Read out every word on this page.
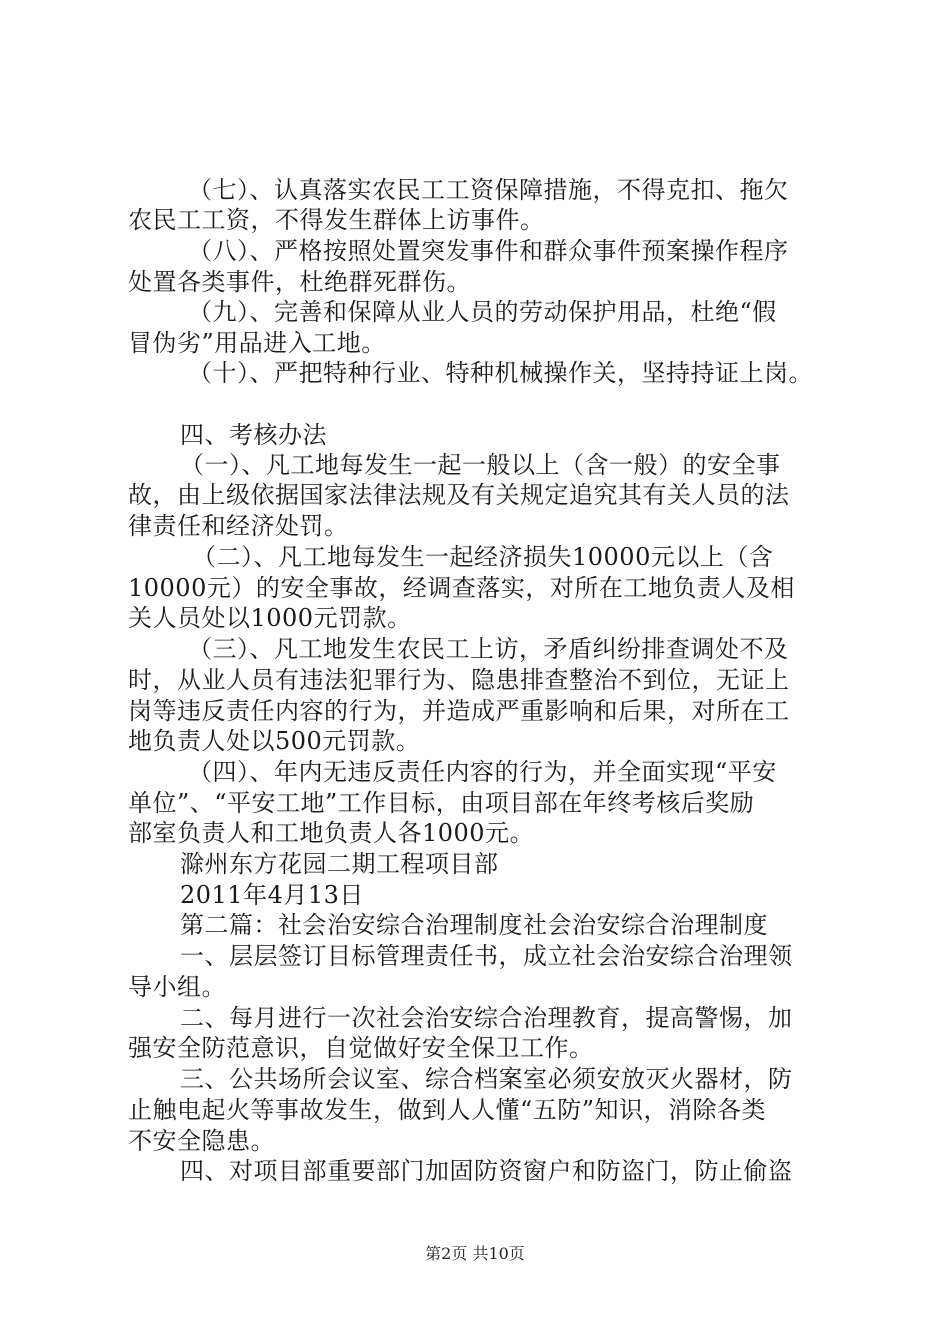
（七）、认真落实农民工工资保障措施，不得克扣、拖欠
农民工工资，不得发生群体上访事件。
（八）、严格按照处置突发事件和群众事件预案操作程序
处置各类事件，杜绝群死群伤。
（九）、完善和保障从业人员的劳动保护用品，杜绝“假
冒伪劣”用品进入工地。
（十）、严把特种行业、特种机械操作关，坚持持证上岗。
四、考核办法
（一）、凡工地每发生一起一般以上（含一般）的安全事
故，由上级依据国家法律法规及有关规定追究其有关人员的法
律责任和经济处罚。
（二）、凡工地每发生一起经济损失10000元以上（含
10000元）的安全事故，经调查落实，对所在工地负责人及相
关人员处以1000元罚款。
（三）、凡工地发生农民工上访，矛盾纠纷排查调处不及
时，从业人员有违法犯罪行为、隐患排查整治不到位，无证上
岗等违反责任内容的行为，并造成严重影响和后果，对所在工
地负责人处以500元罚款。
（四）、年内无违反责任内容的行为，并全面实现“平安
单位”、“平安工地”工作目标，由项目部在年终考核后奖励
部室负责人和工地负责人各1000元。
滁州东方花园二期工程项目部
2011年4月13日
第二篇：社会治安综合治理制度社会治安综合治理制度
一、层层签订目标管理责任书，成立社会治安综合治理领
导小组。
二、每月进行一次社会治安综合治理教育，提高警惕，加
强安全防范意识，自觉做好安全保卫工作。
三、公共场所会议室、综合档案室必须安放灭火器材，防
止触电起火等事故发生，做到人人懂“五防”知识，消除各类
不安全隐患。
四、对项目部重要部门加固防资窗户和防盗门，防止偷盗
第2页 共10页
